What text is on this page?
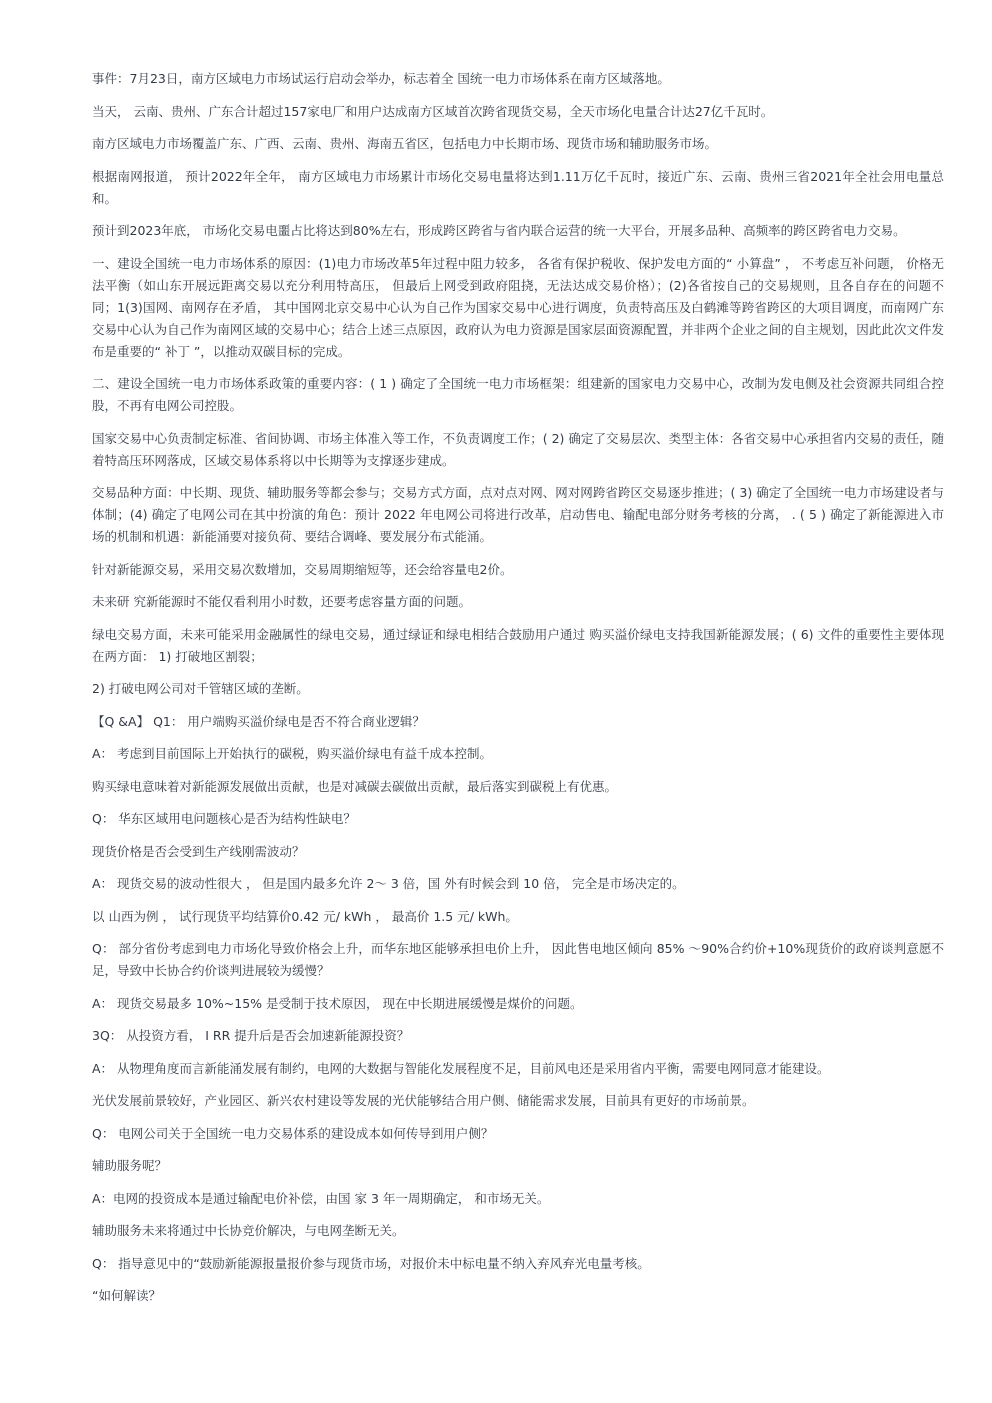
事件：7月23日，南方区域电力市场试运行启动会举办，标志着全 国统一电力市场体系在南方区域落地。

当天， 云南、贵州、广东合计超过157家电厂和用户达成南方区域首次跨省现货交易，全天市场化电量合计达27亿千瓦时。

南方区域电力市场覆盖广东、广西、云南、贵州、海南五省区，包括电力中长期市场、现货市场和辅助服务市场。

根据南网报道， 预计2022年全年， 南方区域电力市场累计市场化交易电量将达到1.11万亿千瓦时，接近广东、云南、贵州三省2021年全社会用电量总和。

预计到2023年底， 市场化交易电噩占比将达到80%左右，形成跨区跨省与省内联合运营的统一大平台，开展多品种、高频率的跨区跨省电力交易。

一、建设全国统一电力市场体系的原因：(1)电力市场改革5年过程中阻力较多， 各省有保护税收、保护发电方面的“ 小算盘” ， 不考虑互补问题， 价格无法平衡（如山东开展远距离交易以充分利用特高压， 但最后上网受到政府阻挠，无法达成交易价格）；(2)各省按自己的交易规则，且各自存在的问题不同；1(3)国网、南网存在矛盾， 其中国网北京交易中心认为自己作为国家交易中心进行调度，负责特高压及白鹤滩等跨省跨区的大项目调度，而南网广东交易中心认为自己作为南网区域的交易中心；结合上述三点原因，政府认为电力资源是国家层面资源配置，并非两个企业之间的自主规划，因此此次文件发布是重要的“ 补丁 ”，以推动双碳目标的完成。

二、建设全国统一电力市场体系政策的重要内容：( 1 ) 确定了全国统一电力市场框架：组建新的国家电力交易中心，改制为发电侧及社会资源共同组合控股，不再有电网公司控股。

国家交易中心负责制定标准、省间协调、市场主体准入等工作，不负责调度工作；( 2) 确定了交易层次、类型主体：各省交易中心承担省内交易的责任，随着特高压环网落成，区域交易体系将以中长期等为支撑逐步建成。

交易品种方面：中长期、现货、辅助服务等都会参与；交易方式方面，点对点对网、网对网跨省跨区交易逐步推进；( 3) 确定了全国统一电力市场建设者与 体制；(4) 确定了电网公司在其中扮演的角色：预计 2022 年电网公司将进行改革，启动售电、输配电部分财务考核的分离， . ( 5 ) 确定了新能源进入市场的机制和机遇：新能涌要对接负荷、要结合调峰、要发展分布式能涌。

针对新能源交易，采用交易次数增加，交易周期缩短等，还会给容量电2价。

未来研 究新能源时不能仅看利用小时数，还要考虑容量方面的问题。

绿电交易方面，未来可能采用金融属性的绿电交易，通过绿证和绿电相结合鼓励用户通过 购买溢价绿电支持我国新能源发展；( 6) 文件的重要性主要体现在两方面： 1) 打破地区割裂；

2) 打破电网公司对千管辖区域的垄断。

【Q &A】 Q1： 用户端购买溢价绿电是否不符合商业逻辑？

A： 考虑到目前国际上开始执行的碳税，购买溢价绿电有益千成本控制。

购买绿电意味着对新能源发展做出贡献，也是对减碳去碳做出贡献，最后落实到碳税上有优惠。

Q： 华东区域用电问题核心是否为结构性缺电？

现货价格是否会受到生产线刚需波动？

A： 现货交易的波动性很大 ， 但是国内最多允许 2～ 3 倍，国 外有时候会到 10 倍， 完全是市场决定的。

以 山西为例 ， 试行现货平均结算价0.42 元/ kWh ， 最高价 1.5 元/ kWh。

Q： 部分省份考虑到电力市场化导致价格会上升，而华东地区能够承担电价上升， 因此售电地区倾向 85% ～90%合约价+10%现货价的政府谈判意愿不足，导致中长协合约价谈判进展较为缓慢？

A： 现货交易最多 10%~15% 是受制于技术原因， 现在中长期进展缓慢是煤价的问题。

3Q： 从投资方看， I RR 提升后是否会加速新能源投资？

A： 从物理角度而言新能涌发展有制约，电网的大数据与智能化发展程度不足，目前风电还是采用省内平衡，需要电网同意才能建设。

光伏发展前景较好，产业园区、新兴农村建设等发展的光伏能够结合用户侧、储能需求发展，目前具有更好的市场前景。

Q： 电网公司关于全国统一电力交易体系的建设成本如何传导到用户侧？

辅助服务呢？

A：电网的投资成本是通过输配电价补偿，由国 家 3 年一周期确定， 和市场无关。

辅助服务未来将通过中长协竞价解决，与电网垄断无关。

Q： 指导意见中的“鼓励新能源报量报价参与现货市场，对报价未中标电量不纳入弃风弃光电量考核。

“如何解读？
